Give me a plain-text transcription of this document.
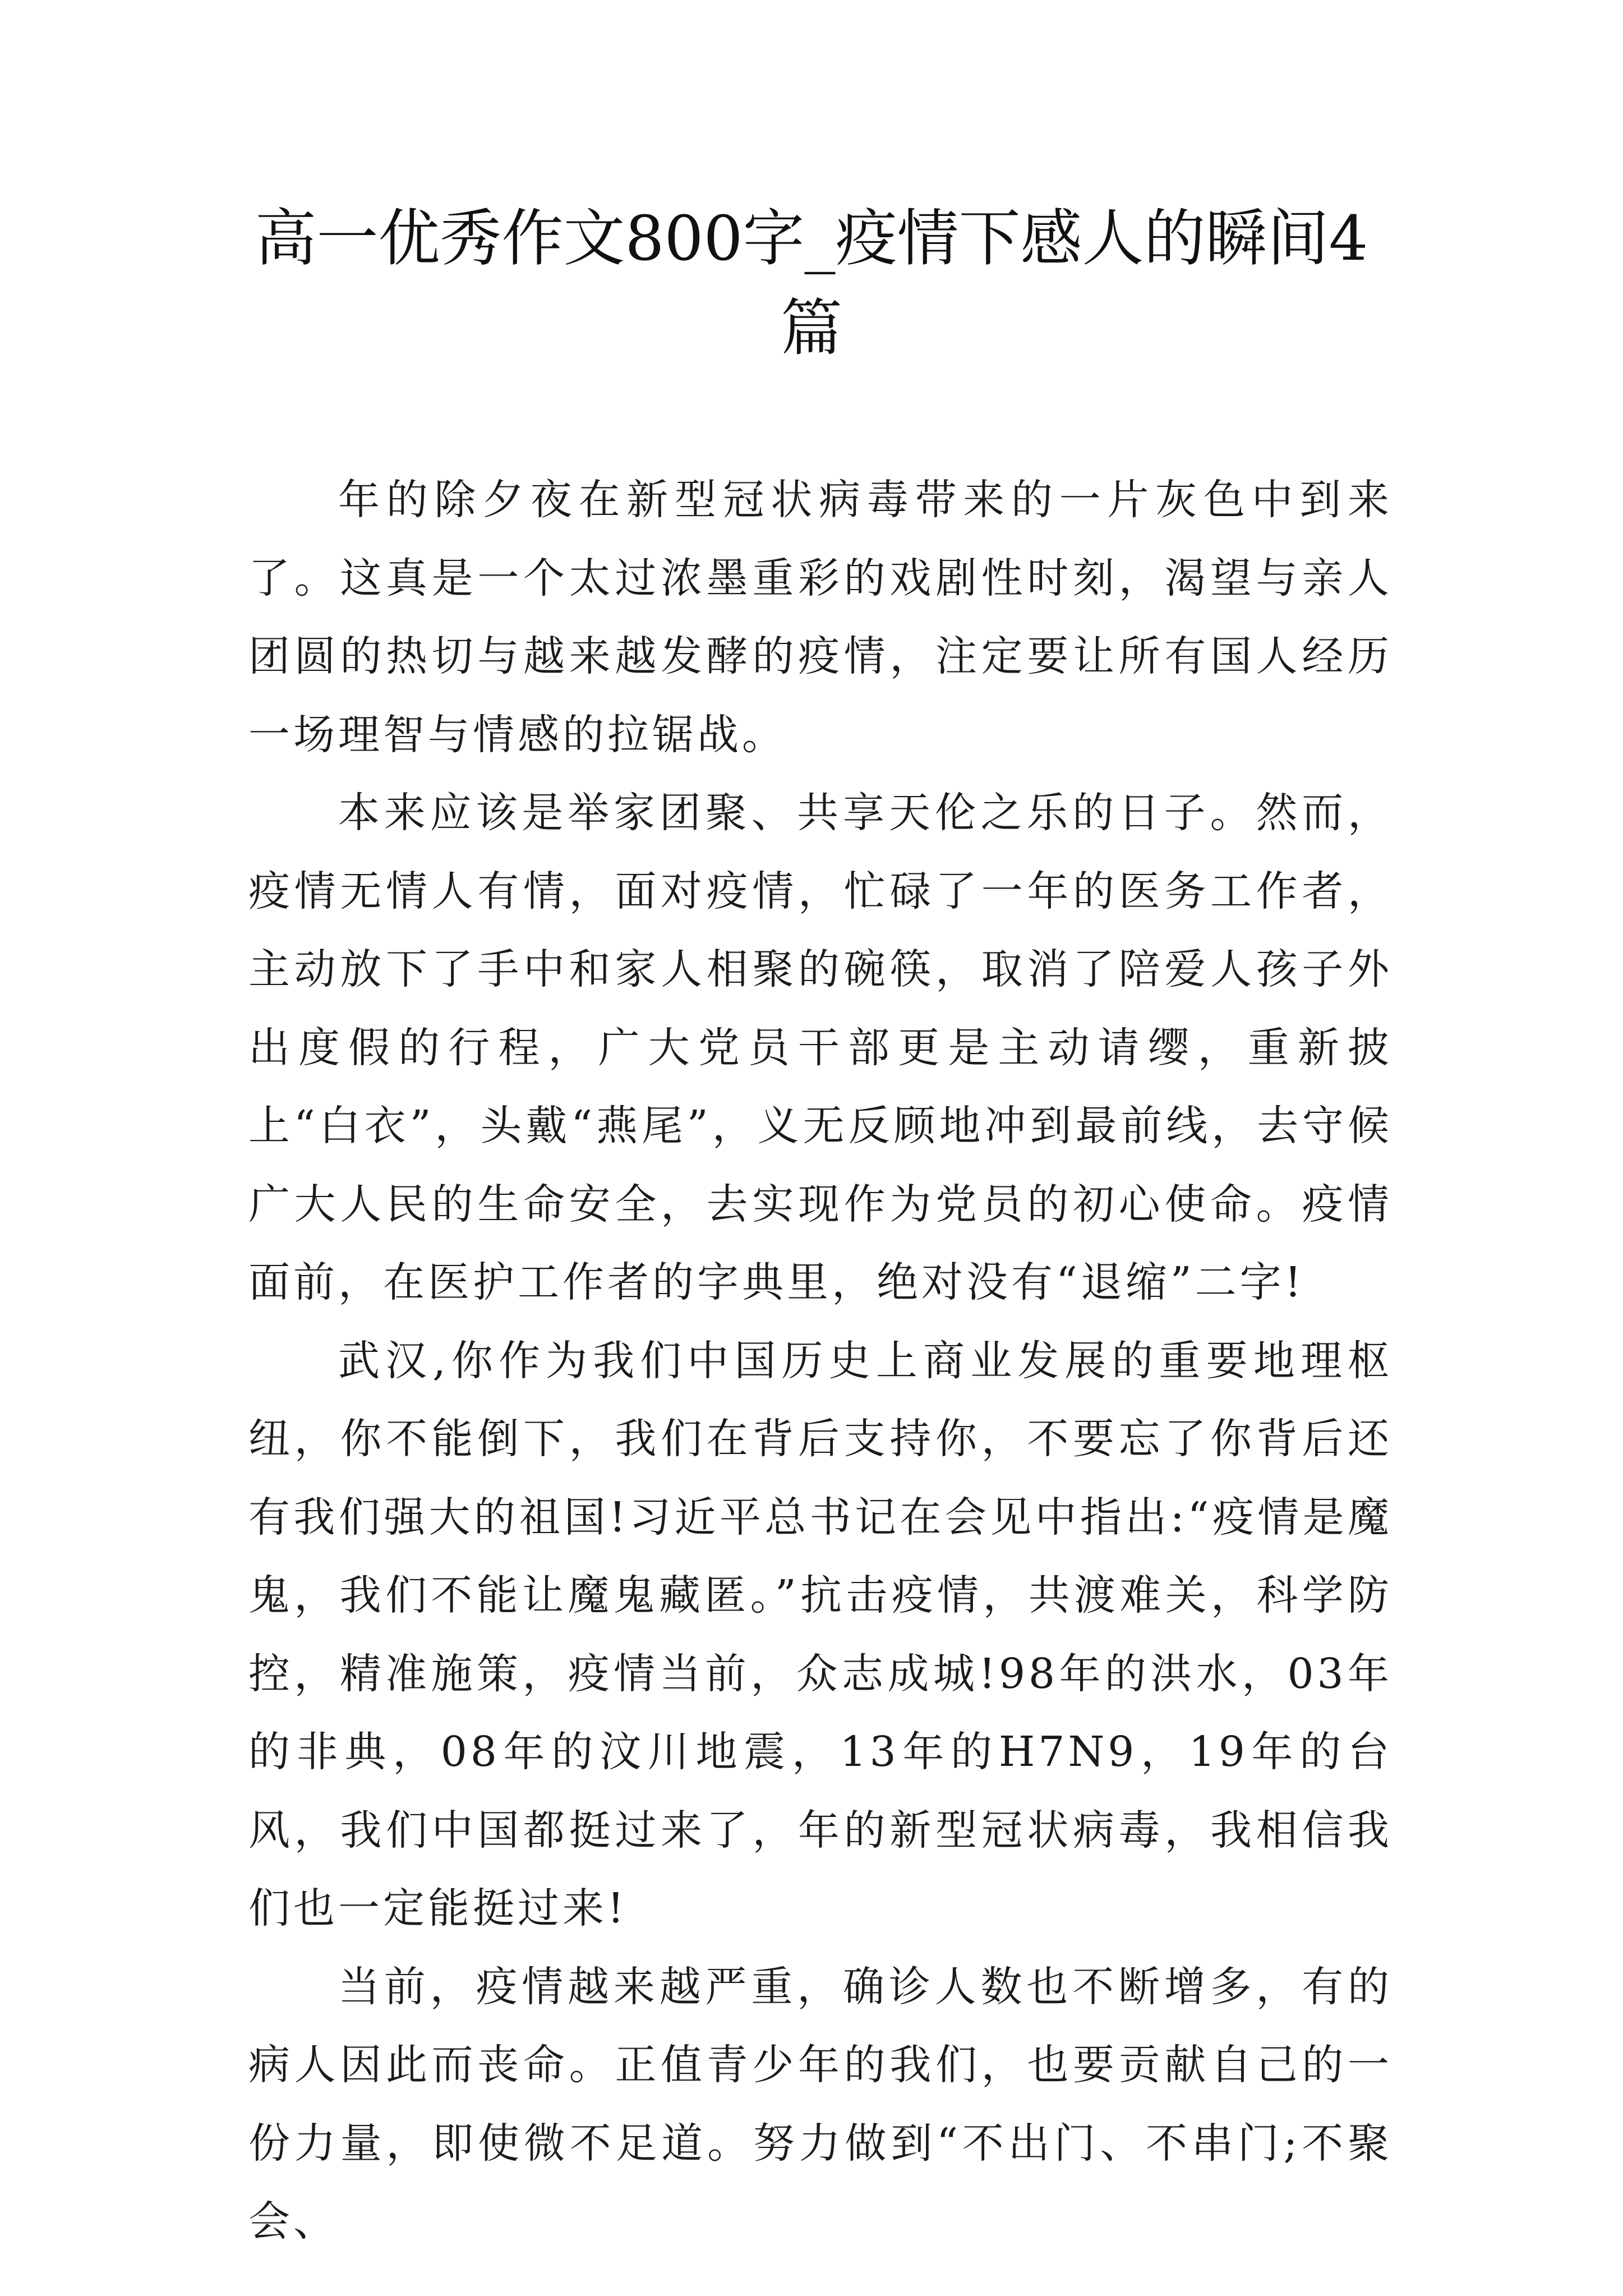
高一优秀作文800字_疫情下感人的瞬间4篇

年的除夕夜在新型冠状病毒带来的一片灰色中到来了。这真是一个太过浓墨重彩的戏剧性时刻，渴望与亲人团圆的热切与越来越发酵的疫情，注定要让所有国人经历一场理智与情感的拉锯战。

本来应该是举家团聚、共享天伦之乐的日子。然而，疫情无情人有情，面对疫情，忙碌了一年的医务工作者，主动放下了手中和家人相聚的碗筷，取消了陪爱人孩子外出度假的行程，广大党员干部更是主动请缨，重新披上“白衣”，头戴“燕尾”，义无反顾地冲到最前线，去守候广大人民的生命安全，去实现作为党员的初心使命。疫情面前，在医护工作者的字典里，绝对没有“退缩”二字!

武汉,你作为我们中国历史上商业发展的重要地理枢纽，你不能倒下，我们在背后支持你，不要忘了你背后还有我们强大的祖国!习近平总书记在会见中指出:“疫情是魔鬼，我们不能让魔鬼藏匿。”抗击疫情，共渡难关，科学防控，精准施策，疫情当前，众志成城!98年的洪水，03年的非典，08年的汶川地震，13年的H7N9，19年的台风，我们中国都挺过来了，年的新型冠状病毒，我相信我们也一定能挺过来!

当前，疫情越来越严重，确诊人数也不断增多，有的病人因此而丧命。正值青少年的我们，也要贡献自己的一份力量，即使微不足道。努力做到“不出门、不串门;不聚会、
